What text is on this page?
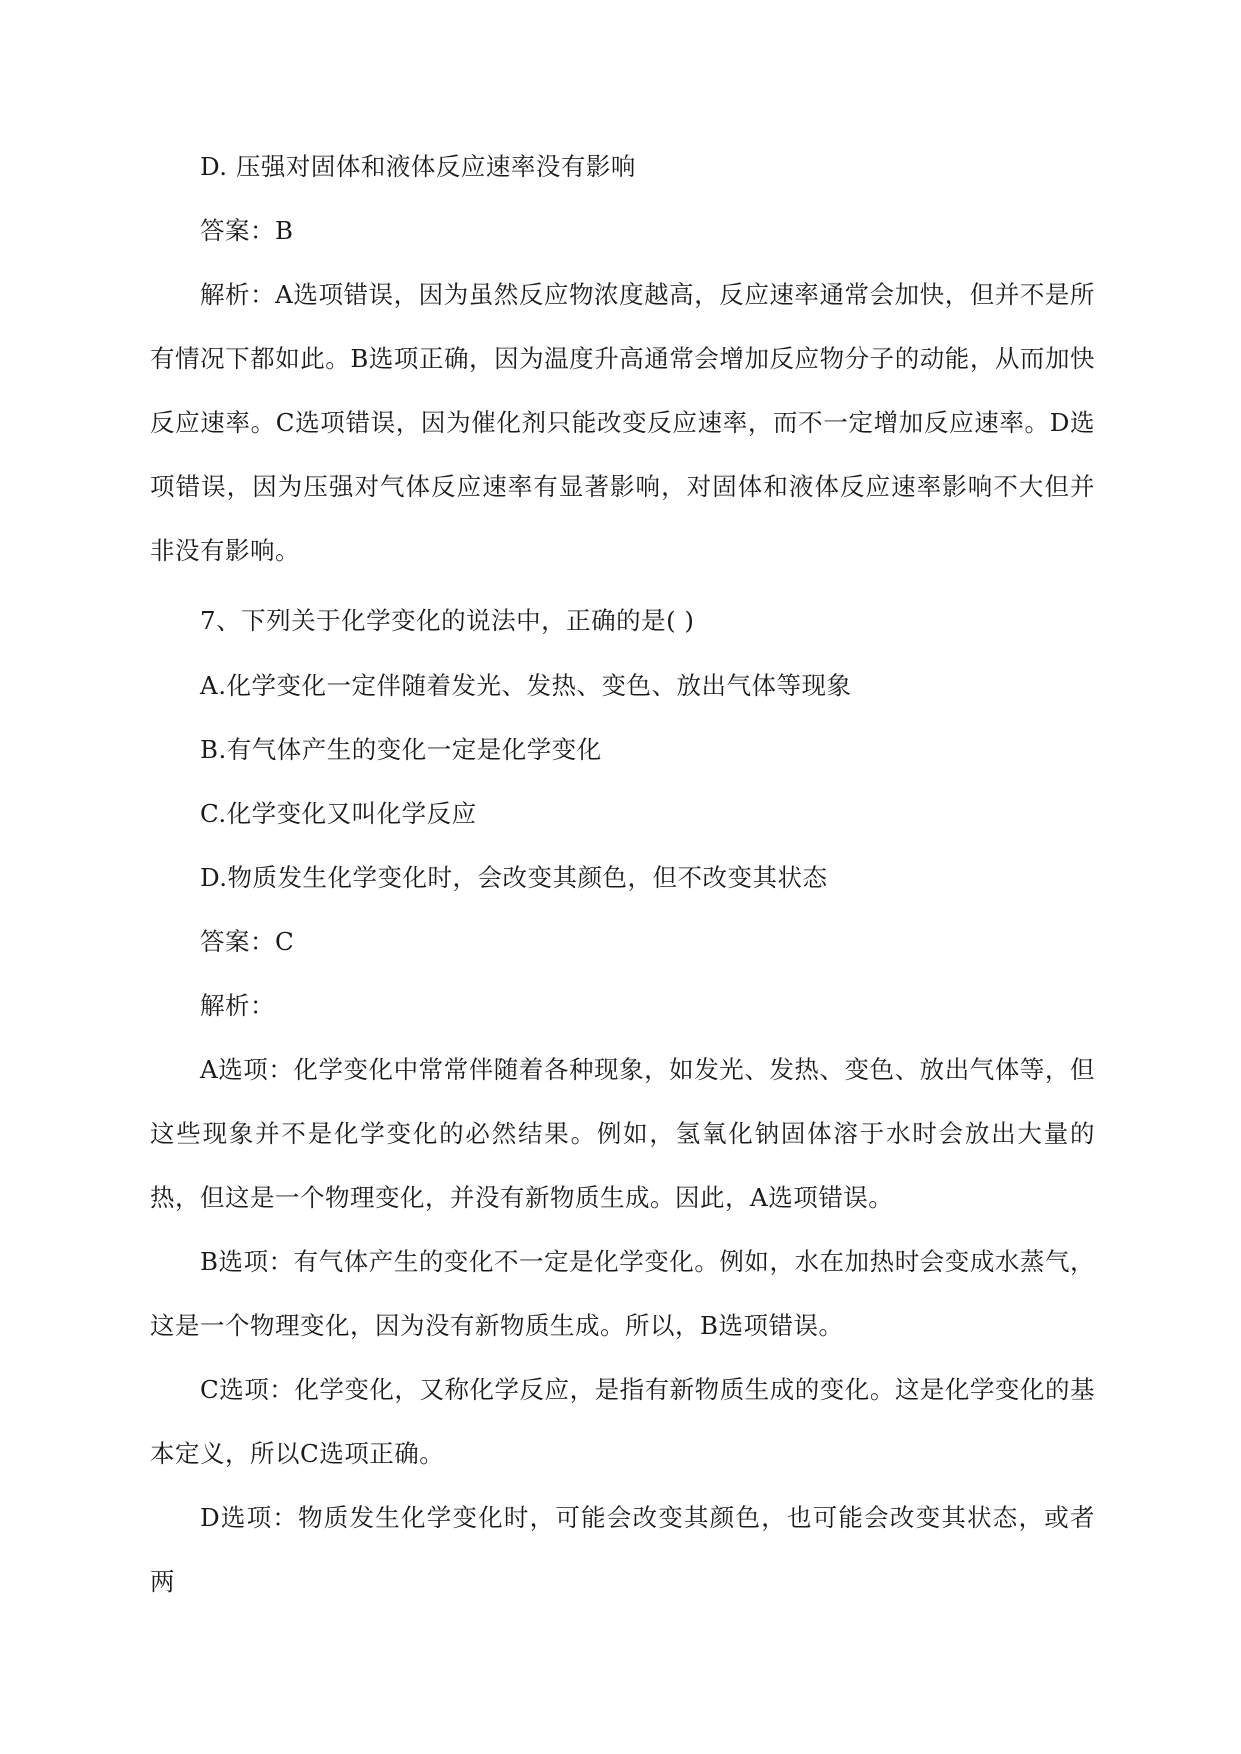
D. 压强对固体和液体反应速率没有影响
答案：B

解析：A选项错误，因为虽然反应物浓度越高，反应速率通常会加快，但并不是所有情况下都如此。B选项正确，因为温度升高通常会增加反应物分子的动能，从而加快反应速率。C选项错误，因为催化剂只能改变反应速率，而不一定增加反应速率。D选项错误，因为压强对气体反应速率有显著影响，对固体和液体反应速率影响不大但并非没有影响。

7、下列关于化学变化的说法中，正确的是( )
A.化学变化一定伴随着发光、发热、变色、放出气体等现象
B.有气体产生的变化一定是化学变化
C.化学变化又叫化学反应
D.物质发生化学变化时，会改变其颜色，但不改变其状态
答案：C
解析：

A选项：化学变化中常常伴随着各种现象，如发光、发热、变色、放出气体等，但这些现象并不是化学变化的必然结果。例如，氢氧化钠固体溶于水时会放出大量的热，但这是一个物理变化，并没有新物质生成。因此，A选项错误。

B选项：有气体产生的变化不一定是化学变化。例如，水在加热时会变成水蒸气，这是一个物理变化，因为没有新物质生成。所以，B选项错误。

C选项：化学变化，又称化学反应，是指有新物质生成的变化。这是化学变化的基本定义，所以C选项正确。

D选项：物质发生化学变化时，可能会改变其颜色，也可能会改变其状态，或者两
